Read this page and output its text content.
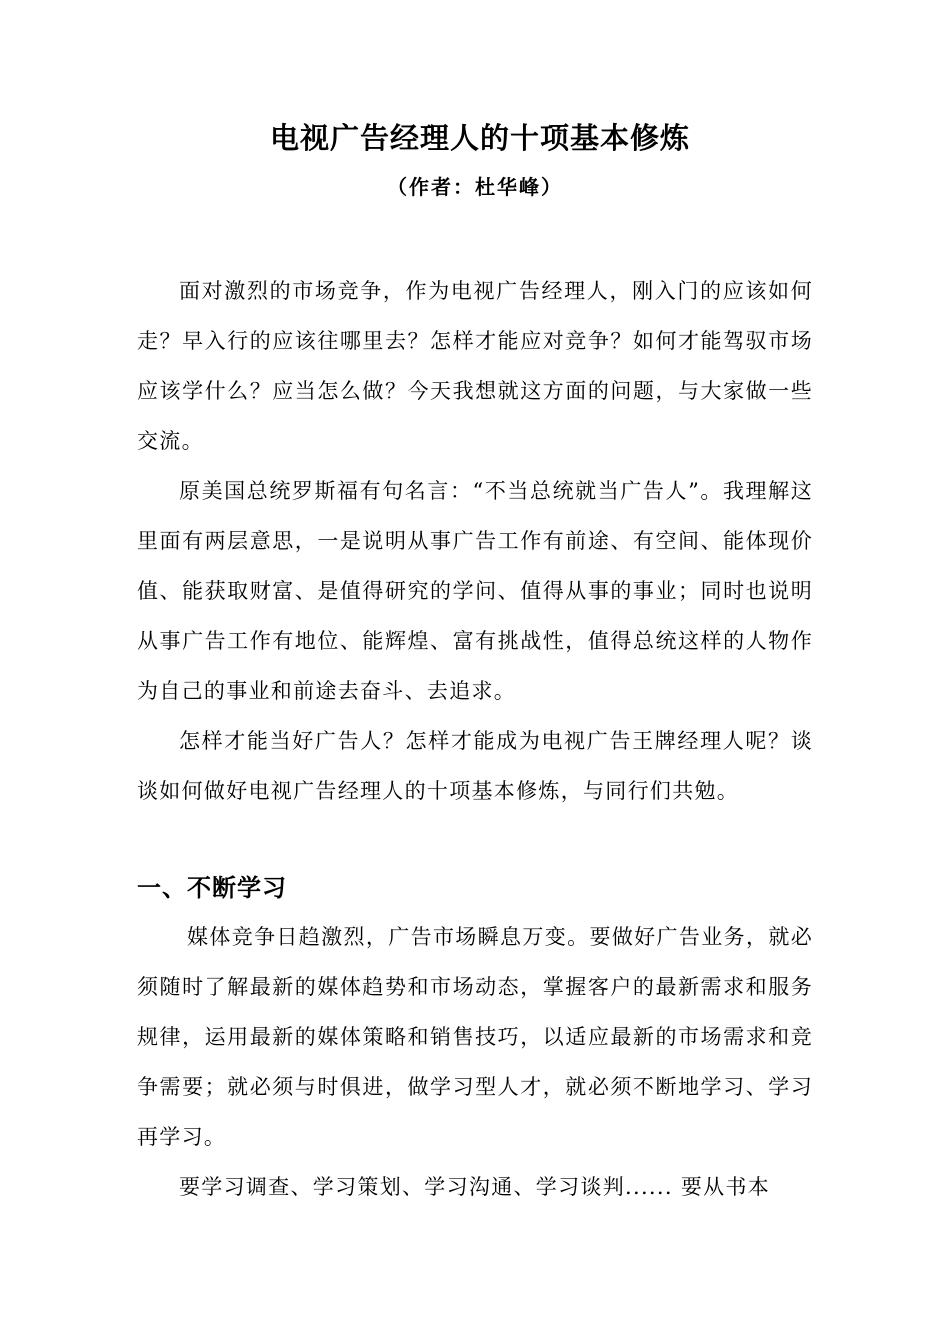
电视广告经理人的十项基本修炼
（作者：杜华峰）

面对激烈的市场竞争，作为电视广告经理人，刚入门的应该如何走？早入行的应该往哪里去？怎样才能应对竞争？如何才能驾驭市场应该学什么？应当怎么做？今天我想就这方面的问题，与大家做一些交流。

原美国总统罗斯福有句名言：“不当总统就当广告人”。我理解这里面有两层意思，一是说明从事广告工作有前途、有空间、能体现价值、能获取财富、是值得研究的学问、值得从事的事业；同时也说明从事广告工作有地位、能辉煌、富有挑战性，值得总统这样的人物作为自己的事业和前途去奋斗、去追求。

怎样才能当好广告人？怎样才能成为电视广告王牌经理人呢？谈谈如何做好电视广告经理人的十项基本修炼，与同行们共勉。

一、不断学习

媒体竞争日趋激烈，广告市场瞬息万变。要做好广告业务，就必须随时了解最新的媒体趋势和市场动态，掌握客户的最新需求和服务规律，运用最新的媒体策略和销售技巧，以适应最新的市场需求和竞争需要；就必须与时俱进，做学习型人才，就必须不断地学习、学习再学习。

要学习调查、学习策划、学习沟通、学习谈判...... 要从书本
